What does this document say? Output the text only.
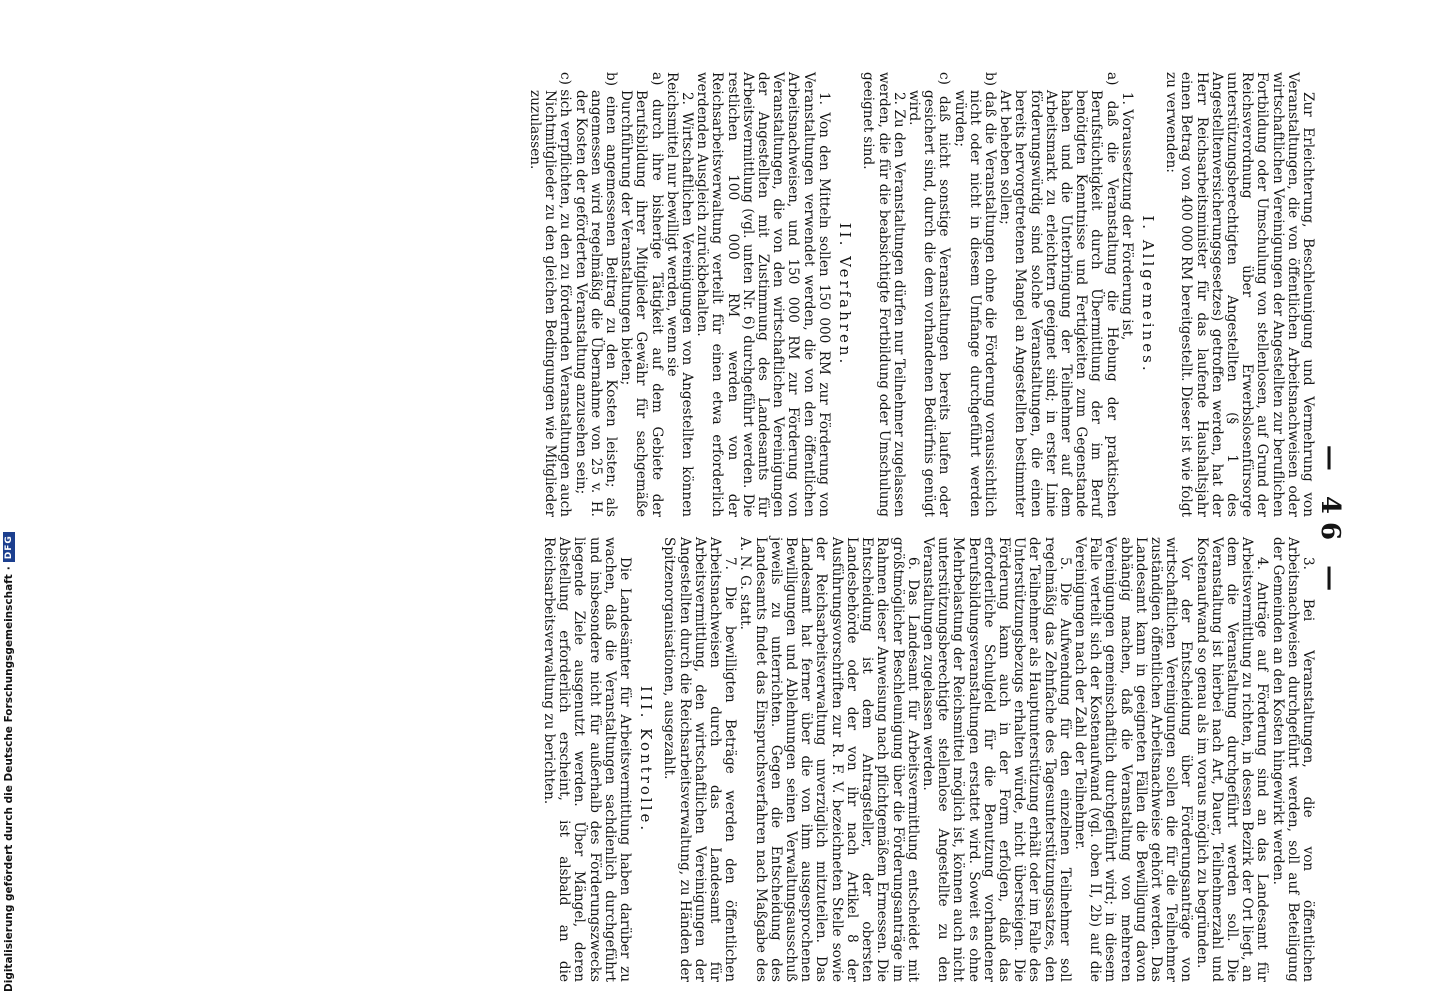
— 46 —

Zur Erleichterung, Beschleunigung und Vermehrung von Veranstaltungen, die von öffentlichen Arbeitsnachweisen oder wirtschaftlichen Vereinigungen der Angestellten zur beruflichen Fortbildung oder Umschulung von stellenlosen, auf Grund der Reichsverordnung über Erwerbslosenfürsorge unterstützungsberechtigten Angestellten (§ 1 des Angestelltenversicherungsgesetzes) getroffen werden, hat der Herr Reichsarbeitsminister für das laufende Haushaltsjahr einen Betrag von 400 000 RM bereitgestellt. Dieser ist wie folgt zu verwenden:

I. Allgemeines.

1. Voraussetzung der Förderung ist,

a) daß die Veranstaltung die Hebung der praktischen Berufstüchtigkeit durch Übermittlung der im Beruf benötigten Kenntnisse und Fertigkeiten zum Gegenstande haben und die Unterbringung der Teilnehmer auf dem Arbeitsmarkt zu erleichtern geeignet sind; in erster Linie förderungswürdig sind solche Veranstaltungen, die einen bereits hervorgetretenen Mangel an Angestellten bestimmter Art beheben sollen;

b) daß die Veranstaltungen ohne die Förderung voraussichtlich nicht oder nicht in diesem Umfange durchgeführt werden würden;

c) daß nicht sonstige Veranstaltungen bereits laufen oder gesichert sind, durch die dem vorhandenen Bedürfnis genügt wird.

2. Zu den Veranstaltungen dürfen nur Teilnehmer zugelassen werden, die für die beabsichtigte Fortbildung oder Umschulung geeignet sind.

II. Verfahren.

1. Von den Mitteln sollen 150 000 RM zur Förderung von Veranstaltungen verwendet werden, die von den öffentlichen Arbeitsnachweisen, und 150 000 RM zur Förderung von Veranstaltungen, die von den wirtschaftlichen Vereinigungen der Angestellten mit Zustimmung des Landesamts für Arbeitsvermittlung (vgl. unten Nr. 6) durchgeführt werden. Die restlichen 100 000 RM werden von der Reichsarbeitsverwaltung verteilt für einen etwa erforderlich werdenden Ausgleich zurückbehalten.

2. Wirtschaftlichen Vereinigungen von Angestellten können Reichsmittel nur bewilligt werden, wenn sie

a) durch ihre bisherige Tätigkeit auf dem Gebiete der Berufsbildung ihrer Mitglieder Gewähr für sachgemäße Durchführung der Veranstaltungen bieten;

b) einen angemessenen Beitrag zu den Kosten leisten; als angemessen wird regelmäßig die Übernahme von 25 v. H. der Kosten der geförderten Veranstaltung anzusehen sein;

c) sich verpflichten, zu den zu fördernden Veranstaltungen auch Nichtmitglieder zu den gleichen Bedingungen wie Mitglieder zuzulassen.

3. Bei Veranstaltungen, die von öffentlichen Arbeitsnachweisen durchgeführt werden, soll auf Beteiligung der Gemeinden an den Kosten hingewirkt werden.

4. Anträge auf Förderung sind an das Landesamt für Arbeitsvermittlung zu richten, in dessen Bezirk der Ort liegt, an dem die Veranstaltung durchgeführt werden soll. Die Veranstaltung ist hierbei nach Art, Dauer, Teilnehmerzahl und Kostenaufwand so genau als im voraus möglich zu begründen.

Vor der Entscheidung über Förderungsanträge von wirtschaftlichen Vereinigungen sollen die für die Teilnehmer zuständigen öffentlichen Arbeitsnachweise gehört werden. Das Landesamt kann in geeigneten Fällen die Bewilligung davon abhängig machen, daß die Veranstaltung von mehreren Vereinigungen gemeinschaftlich durchgeführt wird; in diesem Falle verteilt sich der Kostenaufwand (vgl. oben II, 2b) auf die Vereinigungen nach der Zahl der Teilnehmer.

5. Die Aufwendung für den einzelnen Teilnehmer soll regelmäßig das Zehnfache des Tagesunterstützungssatzes, den der Teilnehmer als Hauptunterstützung erhält oder im Falle des Unterstützungsbezugs erhalten würde, nicht übersteigen. Die Förderung kann auch in der Form erfolgen, daß das erforderliche Schulgeld für die Benutzung vorhandener Berufsbildungsveranstaltungen erstattet wird. Soweit es ohne Mehrbelastung der Reichsmittel möglich ist, können auch nicht unterstützungsberechtigte stellenlose Angestellte zu den Veranstaltungen zugelassen werden.

6. Das Landesamt für Arbeitsvermittlung entscheidet mit größtmöglicher Beschleunigung über die Förderungsanträge im Rahmen dieser Anweisung nach pflichtgemäßem Ermessen. Die Entscheidung ist dem Antragsteller, der obersten Landesbehörde oder der von ihr nach Artikel 8 der Ausführungsvorschriften zur R. F. V. bezeichneten Stelle sowie der Reichsarbeitsverwaltung unverzüglich mitzuteilen. Das Landesamt hat ferner über die von ihm ausgesprochenen Bewilligungen und Ablehnungen seinen Verwaltungsausschuß jeweils zu unterrichten. Gegen die Entscheidung des Landesamts findet das Einspruchsverfahren nach Maßgabe des A. N. G. statt.

7. Die bewilligten Beträge werden den öffentlichen Arbeitsnachweisen durch das Landesamt für Arbeitsvermittlung, den wirtschaftlichen Vereinigungen der Angestellten durch die Reichsarbeitsverwaltung, zu Händen der Spitzenorganisationen, ausgezahlt.

III. Kontrolle.

Die Landesämter für Arbeitsvermittlung haben darüber zu wachen, daß die Veranstaltungen sachdienlich durchgeführt und insbesondere nicht für außerhalb des Förderungszwecks liegende Ziele ausgenutzt werden. Über Mängel, deren Abstellung erforderlich erscheint, ist alsbald an die Reichsarbeitsverwaltung zu berichten.

Digitalisierung gefördert durch die Deutsche Forschungsgemeinschaft
·
DFG
